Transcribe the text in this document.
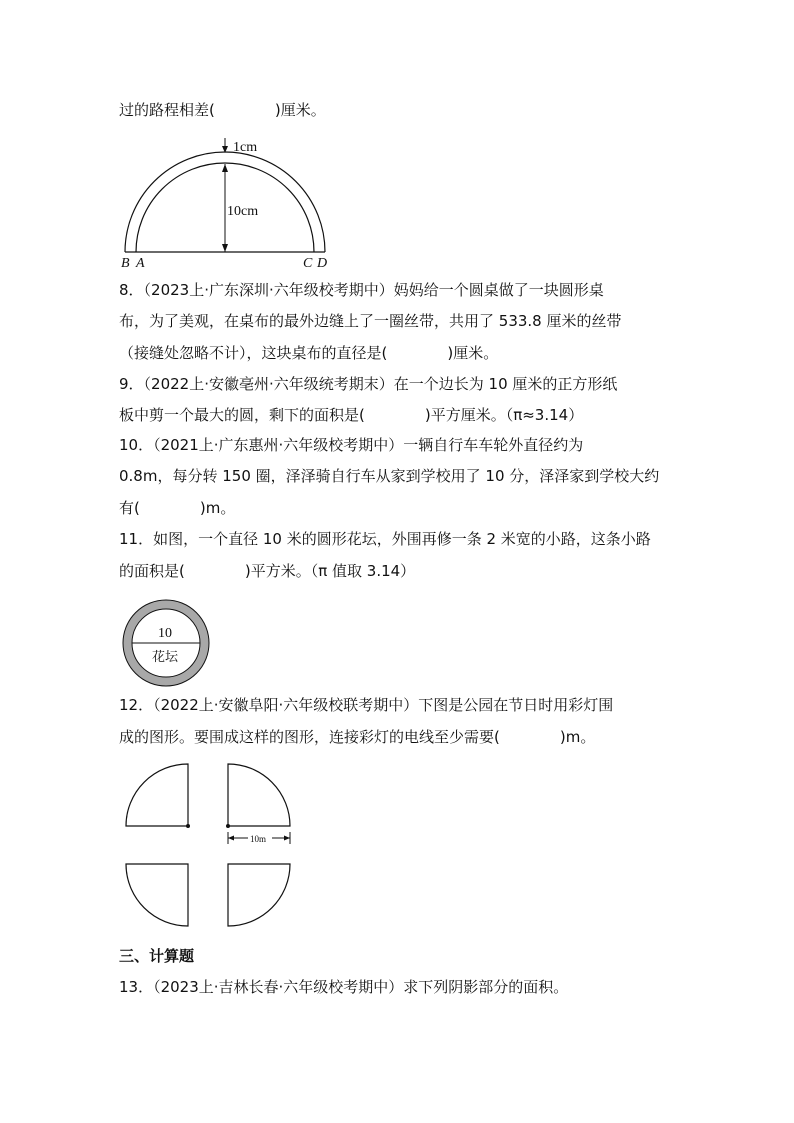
过的路程相差(　　　　)厘米。
1cm
10cm
B A	C D
8．（2023上·广东深圳·六年级校考期中）妈妈给一个圆桌做了一块圆形桌
布，为了美观，在桌布的最外边缝上了一圈丝带，共用了 533.8 厘米的丝带
（接缝处忽略不计），这块桌布的直径是(　　　　)厘米。
9．（2022上·安徽亳州·六年级统考期末）在一个边长为 10 厘米的正方形纸
板中剪一个最大的圆，剩下的面积是(　　　　)平方厘米。（π≈3.14）
10．（2021上·广东惠州·六年级校考期中）一辆自行车车轮外直径约为
0.8m，每分转 150 圈，泽泽骑自行车从家到学校用了 10 分，泽泽家到学校大约
有(　　　　)m。
11．如图，一个直径 10 米的圆形花坛，外围再修一条 2 米宽的小路，这条小路
的面积是(　　　　)平方米。（π 值取 3.14）
10
花坛
12．（2022上·安徽阜阳·六年级校联考期中）下图是公园在节日时用彩灯围
成的图形。要围成这样的图形，连接彩灯的电线至少需要(　　　　)m。
10m
三、计算题
13．（2023上·吉林长春·六年级校考期中）求下列阴影部分的面积。
